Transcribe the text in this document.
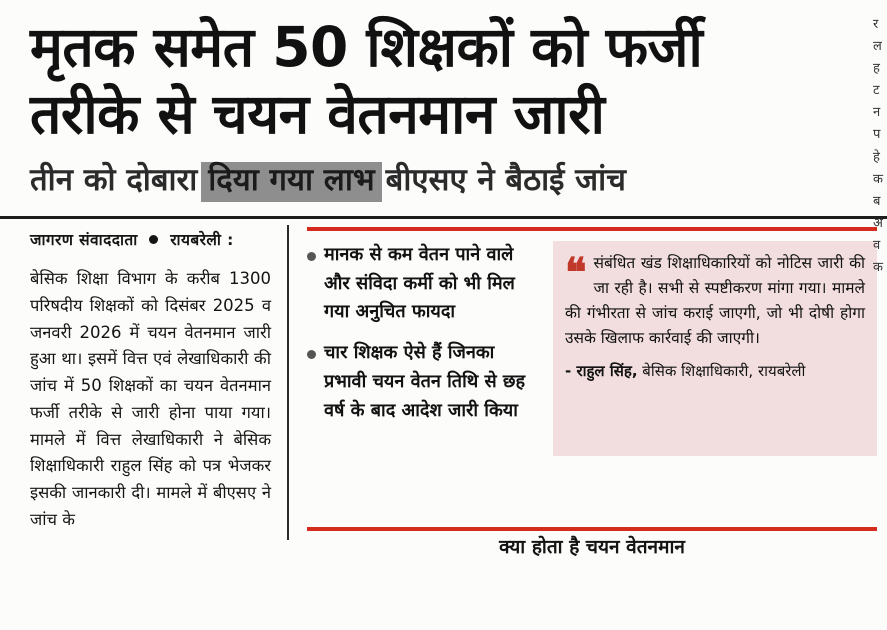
मृतक समेत 50 शिक्षकों को फर्जी
तरीके से चयन वेतनमान जारी
तीन को दोबारा दिया गया लाभ बीएसए ने बैठाई जांच
जागरण संवाददाता रायबरेली :

बेसिक शिक्षा विभाग के करीब 1300 परिषदीय शिक्षकों को दिसंबर 2025 व जनवरी 2026 में चयन वेतनमान जारी हुआ था। इसमें वित्त एवं लेखाधिकारी की जांच में 50 शिक्षकों का चयन वेतनमान फर्जी तरीके से जारी होना पाया गया। मामले में वित्त लेखाधिकारी ने बेसिक शिक्षाधिकारी राहुल सिंह को पत्र भेजकर इसकी जानकारी दी। मामले में बीएसए ने जांच के

मानक से कम वेतन पाने वाले और संविदा कर्मी को भी मिल गया अनुचित फायदा
चार शिक्षक ऐसे हैं जिनका प्रभावी चयन वेतन तिथि से छह वर्ष के बाद आदेश जारी किया
❝ संबंधित खंड शिक्षाधिकारियों को नोटिस जारी की जा रही है। सभी से स्पष्टीकरण मांगा गया। मामले की गंभीरता से जांच कराई जाएगी, जो भी दोषी होगा उसके खिलाफ कार्रवाई की जाएगी।
- राहुल सिंह, बेसिक शिक्षाधिकारी, रायबरेली
क्या होता है चयन वेतनमान
र
ल
ह
ट
न
प
हे
क
ब
अ
व
क
